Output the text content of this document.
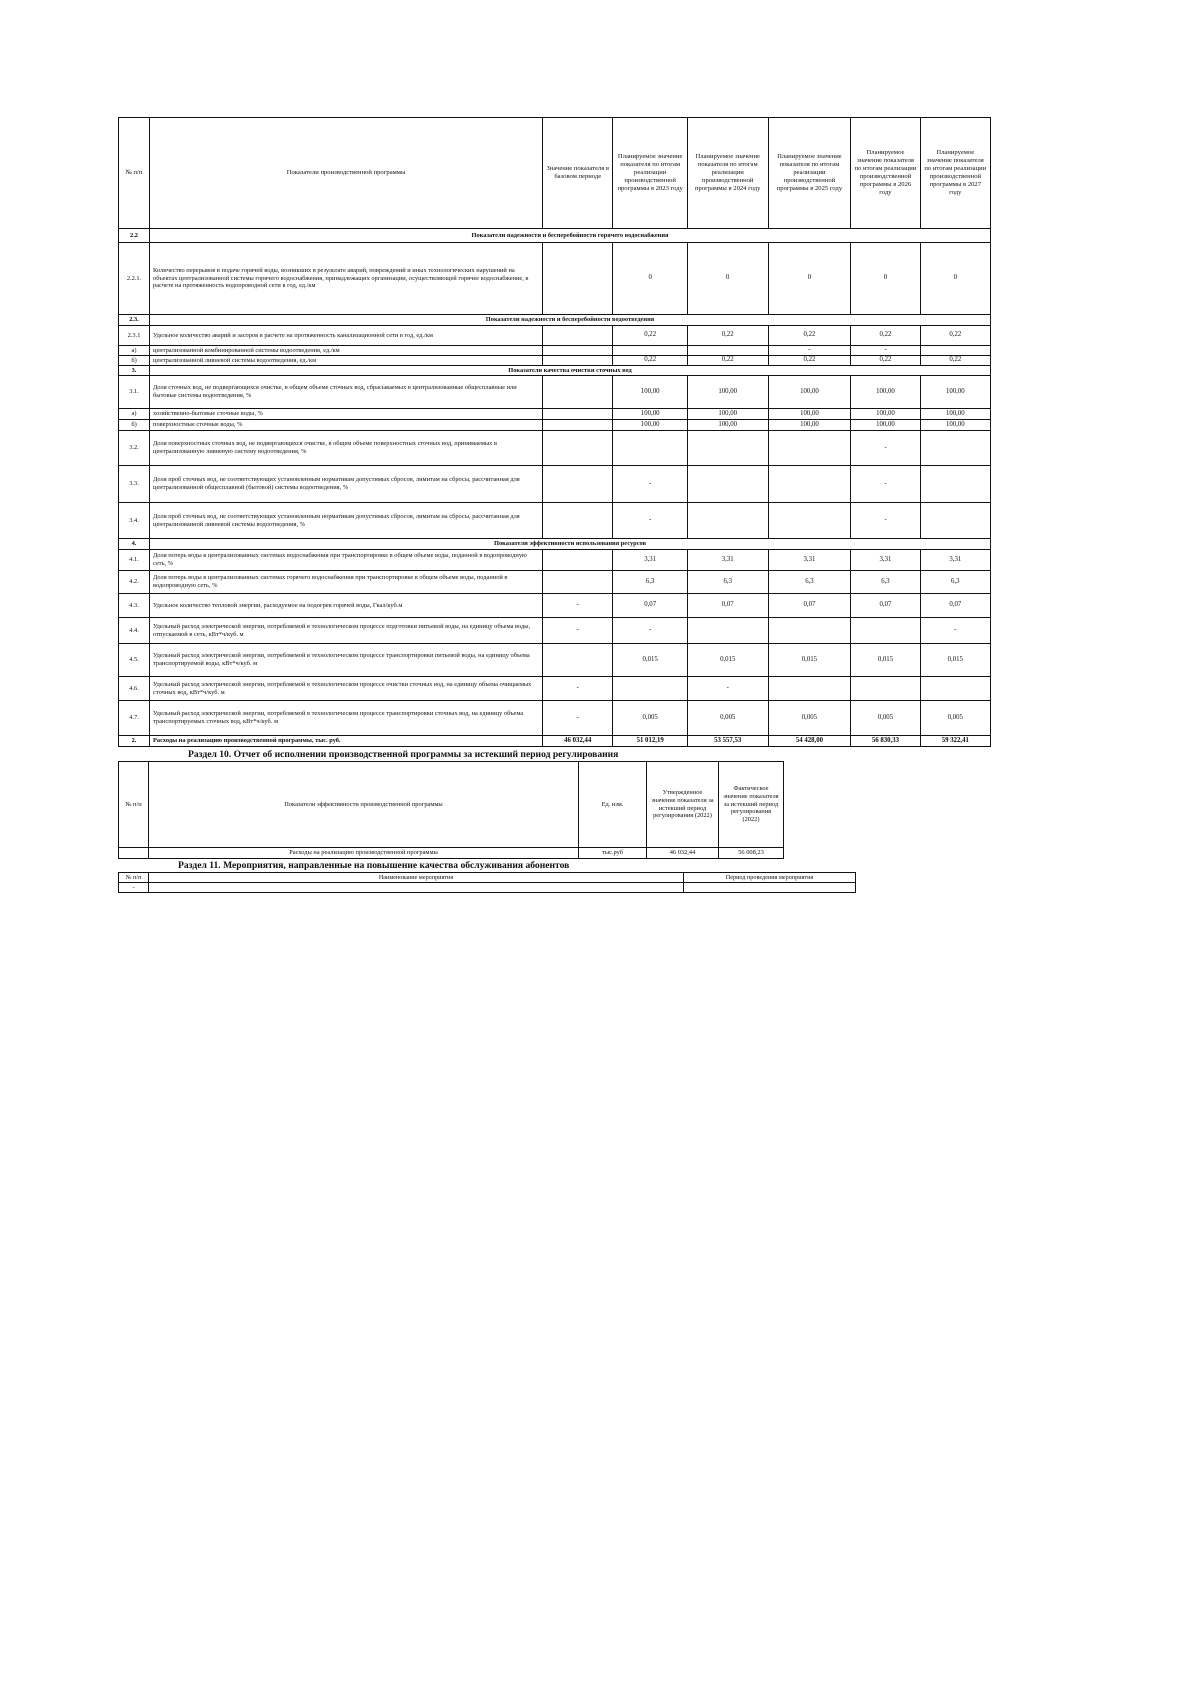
№ п/п	Показатели производственной программы	Значение показателя в базовом периоде	Планируемое значение показателя по итогам реализации производственной программы в 2023 году	Планируемое значение показателя по итогам реализации производственной программы в 2024 году	Планируемое значение показателя по итогам реализации производственной программы в 2025 году	Планируемое значение показателя по итогам реализации производственной программы в 2026 году	Планируемое значение показателя по итогам реализации производственной программы в 2027 году
2.2	Показатели надежности и бесперебойности горячего водоснабжения						
2.2.1.	Количество перерывов в подаче горячей воды, возникших в результате аварий, повреждений и иных технологических нарушений на объектах централизованной системы горячего водоснабжения, принадлежащих организации, осуществляющей горячее водоснабжение, в расчете на протяженность водопроводной сети в год, ед./км		0	0	0	0	0
2.3.	Показатели надежности и бесперебойности водоотведения						
2.3.1	Удельное количество аварий и засоров в расчете на протяженность канализационной сети в год, ед./км		0,22	0,22	0,22	0,22	0,22
а)	централизованной комбинированной системы водоотведения, ед./км				-	-	
б)	централизованной ливневой системы водоотведения, ед./км		0,22	0,22	0,22	0,22	0,22
3.	Показатели качества очистки сточных вод						
3.1.	Доля сточных вод, не подвергающихся очистке, в общем объеме сточных вод, сбрасываемых в централизованные общесплавные или бытовые системы водоотведения, %		100,00	100,00	100,00	100,00	100,00
а)	хозяйственно-бытовые сточные воды, %		100,00	100,00	100,00	100,00	100,00
б)	поверхностные сточные воды, %		100,00	100,00	100,00	100,00	100,00
3.2.	Доля поверхностных сточных вод, не подвергающихся очистке, в общем объеме поверхностных сточных вод, принимаемых в централизованную ливневую систему водоотведения, %					-	
3.3.	Доля проб сточных вод, не соответствующих установленным нормативам допустимых сбросов, лимитам на сбросы, рассчитанная для централизованной общесплавной (бытовой) системы водоотведения, %		-			-	
3.4.	Доля проб сточных вод, не соответствующих установленным нормативам допустимых сбросов, лимитам на сбросы, рассчитанная для централизованной ливневой системы водоотведения, %		-			-	
4.	Показатели эффективности использования ресурсов						
4.1.	Доля потерь воды в централизованных системах водоснабжения при транспортировке в общем объеме воды, поданной в водопроводную сеть, %		3,31	3,31	3,31	3,31	3,31
4.2.	Доля потерь воды в централизованных системах горячего водоснабжения при транспортировке в общем объеме воды, поданной в водопроводную сеть, %		6,3	6,3	6,3	6,3	6,3
4.3.	Удельное количество тепловой энергии, расходуемое на подогрев горячей воды, Гкал/куб.м	-	0,07	0,07	0,07	0,07	0,07
4.4.	Удельный расход электрической энергии, потребляемой в технологическом процессе подготовки питьевой воды, на единицу объема воды, отпускаемой в сеть, кВт*ч/куб. м	-	-				-
4.5.	Удельный расход электрической энергии, потребляемой в технологическом процессе транспортировки питьевой воды, на единицу объема транспортируемой воды, кВт*ч/куб. м		0,015	0,015	0,015	0,015	0,015
4.6.	Удельный расход электрической энергии, потребляемой в технологическом процессе очистки сточных вод, на единицу объема очищаемых сточных вод, кВт*ч/куб. м	-		-			
4.7.	Удельный расход электрической энергии, потребляемой в технологическом процессе транспортировки сточных вод, на единицу объема транспортируемых сточных вод, кВт*ч/куб. м	-	0,005	0,005	0,005	0,005	0,005
2.	Расходы на реализацию производственной программы, тыс. руб.	46 032,44	51 012,19	53 557,53	54 428,00	56 830,33	59 322,41
Раздел 10. Отчет об исполнении производственной программы за истекший период регулирования
№ п/п	Показатели эффективности производственной программы	Ед. изм.	Утвержденное значение показателя за истекший период регулирования (2022)	Фактическое значение показателя за истекший период регулирования (2022)
	Расходы на реализацию производственной программы	тыс.руб	46 032,44	56 008,23
Раздел 11. Мероприятия, направленные на повышение качества обслуживания абонентов
№ п/п	Наименование мероприятия	Период проведения мероприятия
-		
